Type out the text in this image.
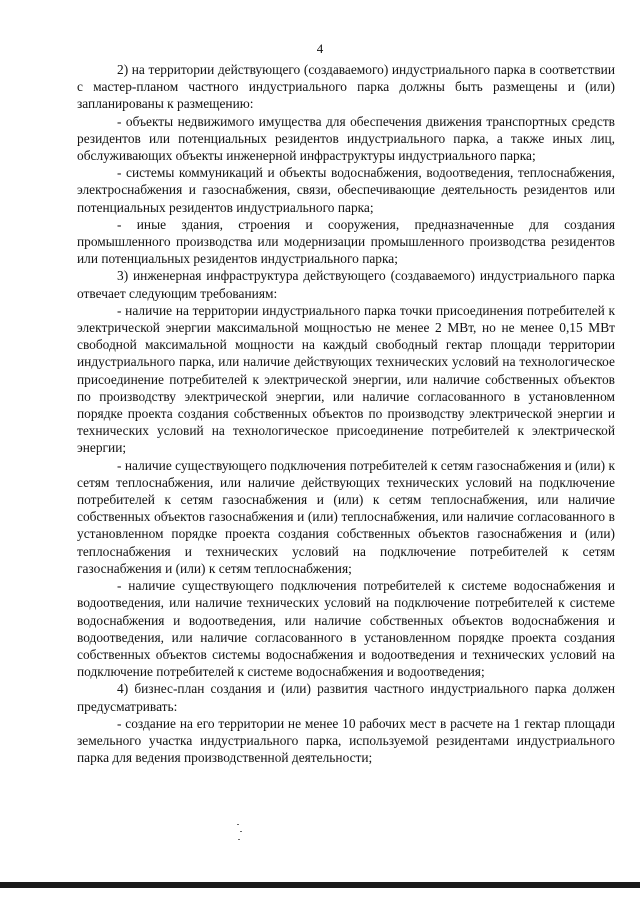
4

2) на территории действующего (создаваемого) индустриального парка в соответствии с мастер-планом частного индустриального парка должны быть размещены и (или) запланированы к размещению:

- объекты недвижимого имущества для обеспечения движения транспортных средств резидентов или потенциальных резидентов индустриального парка, а также иных лиц, обслуживающих объекты инженерной инфраструктуры индустриального парка;

- системы коммуникаций и объекты водоснабжения, водоотведения, теплоснабжения, электроснабжения и газоснабжения, связи, обеспечивающие деятельность резидентов или потенциальных резидентов индустриального парка;

- иные здания, строения и сооружения, предназначенные для создания промышленного производства или модернизации промышленного производства резидентов или потенциальных резидентов индустриального парка;

3) инженерная инфраструктура действующего (создаваемого) индустриального парка отвечает следующим требованиям:

- наличие на территории индустриального парка точки присоединения потребителей к электрической энергии максимальной мощностью не менее 2 МВт, но не менее 0,15 МВт свободной максимальной мощности на каждый свободный гектар площади территории индустриального парка, или наличие действующих технических условий на технологическое присоединение потребителей к электрической энергии, или наличие собственных объектов по производству электрической энергии, или наличие согласованного в установленном порядке проекта создания собственных объектов по производству электрической энергии и технических условий на технологическое присоединение потребителей к электрической энергии;

- наличие существующего подключения потребителей к сетям газоснабжения и (или) к сетям теплоснабжения, или наличие действующих технических условий на подключение потребителей к сетям газоснабжения и (или) к сетям теплоснабжения, или наличие собственных объектов газоснабжения и (или) теплоснабжения, или наличие согласованного в установленном порядке проекта создания собственных объектов газоснабжения и (или) теплоснабжения и технических условий на подключение потребителей к сетям газоснабжения и (или) к сетям теплоснабжения;

- наличие существующего подключения потребителей к системе водоснабжения и водоотведения, или наличие технических условий на подключение потребителей к системе водоснабжения и водоотведения, или наличие собственных объектов водоснабжения и водоотведения, или наличие согласованного в установленном порядке проекта создания собственных объектов системы водоснабжения и водоотведения и технических условий на подключение потребителей к системе водоснабжения и водоотведения;

4) бизнес-план создания и (или) развития частного индустриального парка должен предусматривать:

- создание на его территории не менее 10 рабочих мест в расчете на 1 гектар площади земельного участка индустриального парка, используемой резидентами индустриального парка для ведения производственной деятельности;
